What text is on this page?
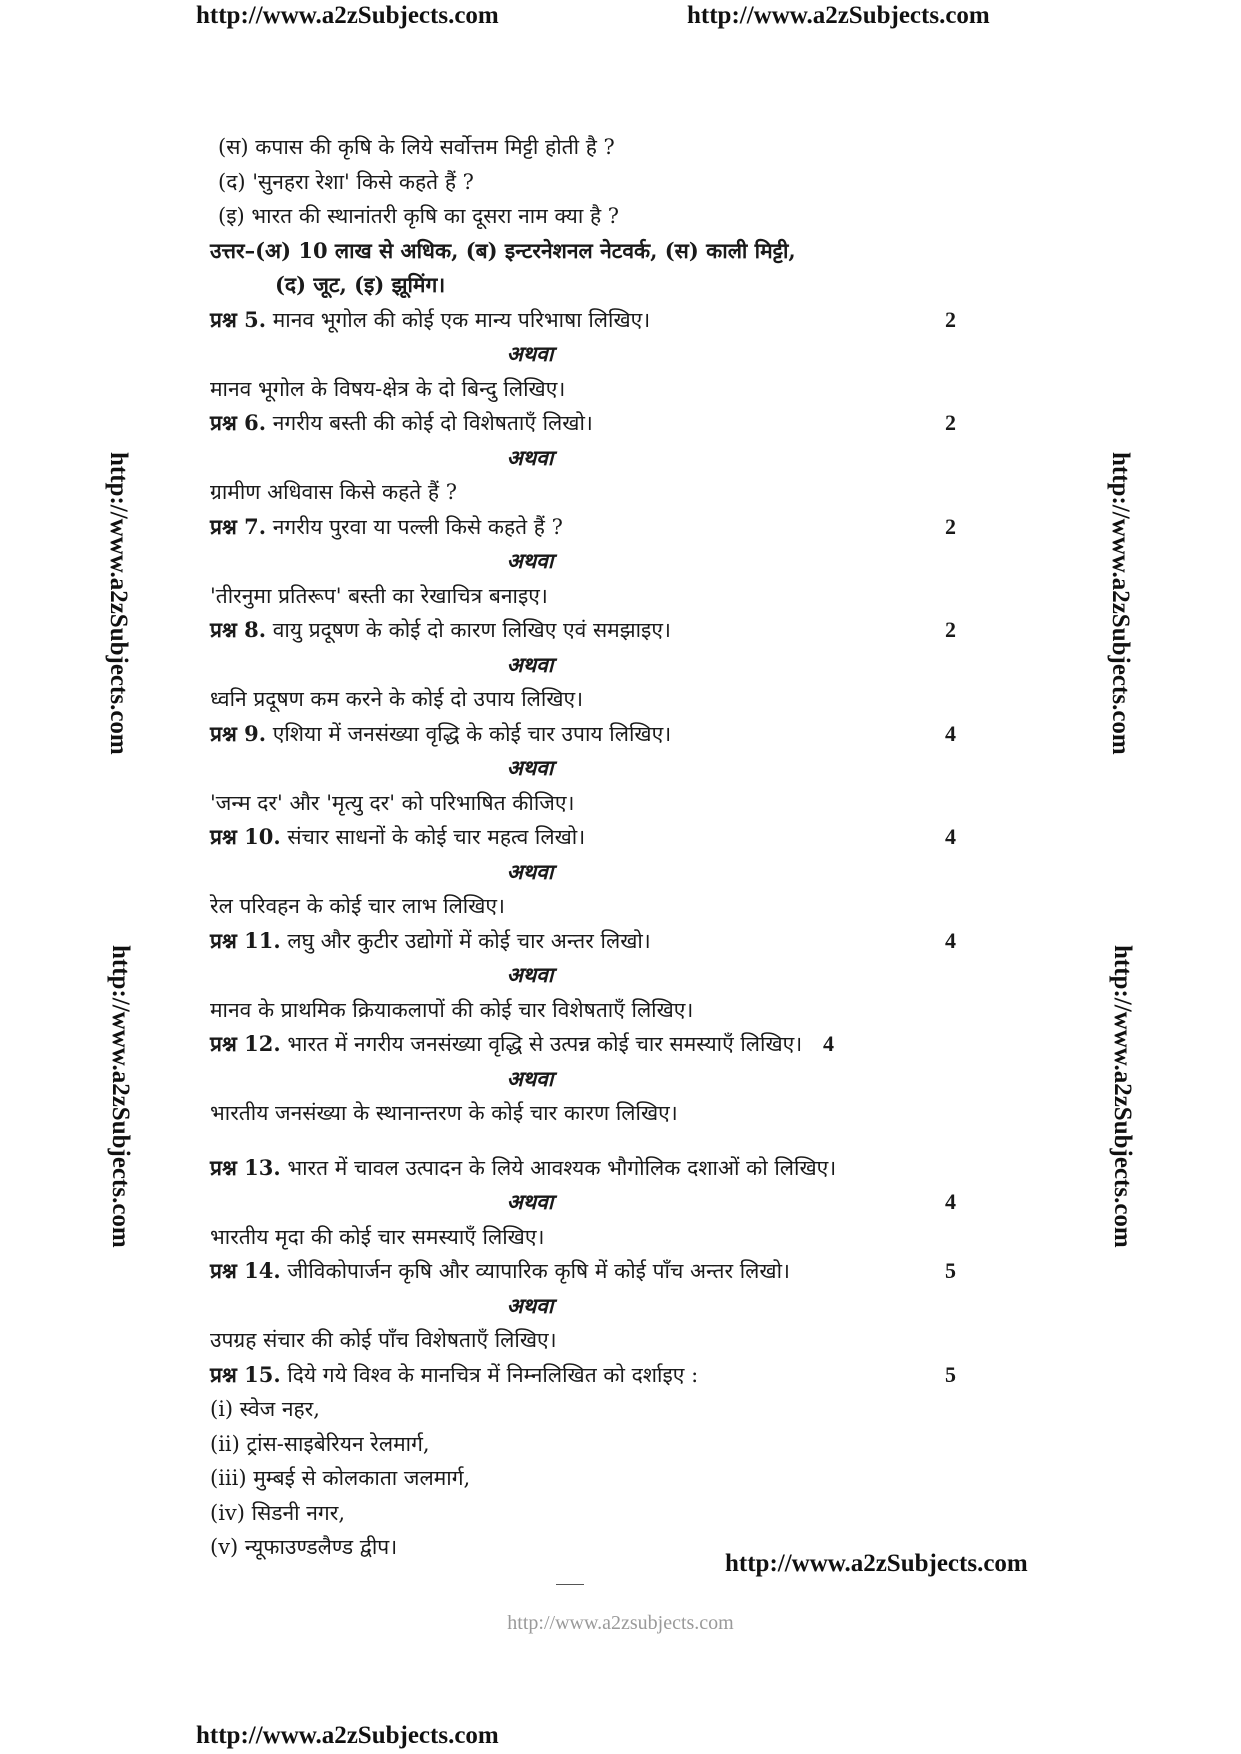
http://www.a2zSubjects.com	http://www.a2zSubjects.com
http://www.a2zSubjects.com
http://www.a2zSubjects.com
http://www.a2zSubjects.com
http://www.a2zSubjects.com
http://www.a2zSubjects.com
http://www.a2zsubjects.com
http://www.a2zSubjects.com
(स) कपास की कृषि के लिये सर्वोत्तम मिट्टी होती है ?
(द) 'सुनहरा रेशा' किसे कहते हैं ?
(इ) भारत की स्थानांतरी कृषि का दूसरा नाम क्या है ?
उत्तर–(अ) 10 लाख से अधिक, (ब) इन्टरनेशनल नेटवर्क, (स) काली मिट्टी,
(द) जूट, (इ) झूमिंग।
प्रश्न 5. मानव भूगोल की कोई एक मान्य परिभाषा लिखिए।	2
अथवा
मानव भूगोल के विषय-क्षेत्र के दो बिन्दु लिखिए।
प्रश्न 6. नगरीय बस्ती की कोई दो विशेषताएँ लिखो।	2
अथवा
ग्रामीण अधिवास किसे कहते हैं ?
प्रश्न 7. नगरीय पुरवा या पल्ली किसे कहते हैं ?	2
अथवा
'तीरनुमा प्रतिरूप' बस्ती का रेखाचित्र बनाइए।
प्रश्न 8. वायु प्रदूषण के कोई दो कारण लिखिए एवं समझाइए।	2
अथवा
ध्वनि प्रदूषण कम करने के कोई दो उपाय लिखिए।
प्रश्न 9. एशिया में जनसंख्या वृद्धि के कोई चार उपाय लिखिए।	4
अथवा
'जन्म दर' और 'मृत्यु दर' को परिभाषित कीजिए।
प्रश्न 10. संचार साधनों के कोई चार महत्व लिखो।	4
अथवा
रेल परिवहन के कोई चार लाभ लिखिए।
प्रश्न 11. लघु और कुटीर उद्योगों में कोई चार अन्तर लिखो।	4
अथवा
मानव के प्राथमिक क्रियाकलापों की कोई चार विशेषताएँ लिखिए।
प्रश्न 12. भारत में नगरीय जनसंख्या वृद्धि से उत्पन्न कोई चार समस्याएँ लिखिए। 4
अथवा
भारतीय जनसंख्या के स्थानान्तरण के कोई चार कारण लिखिए।
प्रश्न 13. भारत में चावल उत्पादन के लिये आवश्यक भौगोलिक दशाओं को लिखिए।
अथवा	4
भारतीय मृदा की कोई चार समस्याएँ लिखिए।
प्रश्न 14. जीविकोपार्जन कृषि और व्यापारिक कृषि में कोई पाँच अन्तर लिखो।	5
अथवा
उपग्रह संचार की कोई पाँच विशेषताएँ लिखिए।
प्रश्न 15. दिये गये विश्व के मानचित्र में निम्नलिखित को दर्शाइए :	5
(i) स्वेज नहर,
(ii) ट्रांस-साइबेरियन रेलमार्ग,
(iii) मुम्बई से कोलकाता जलमार्ग,
(iv) सिडनी नगर,
(v) न्यूफाउण्डलैण्ड द्वीप।
